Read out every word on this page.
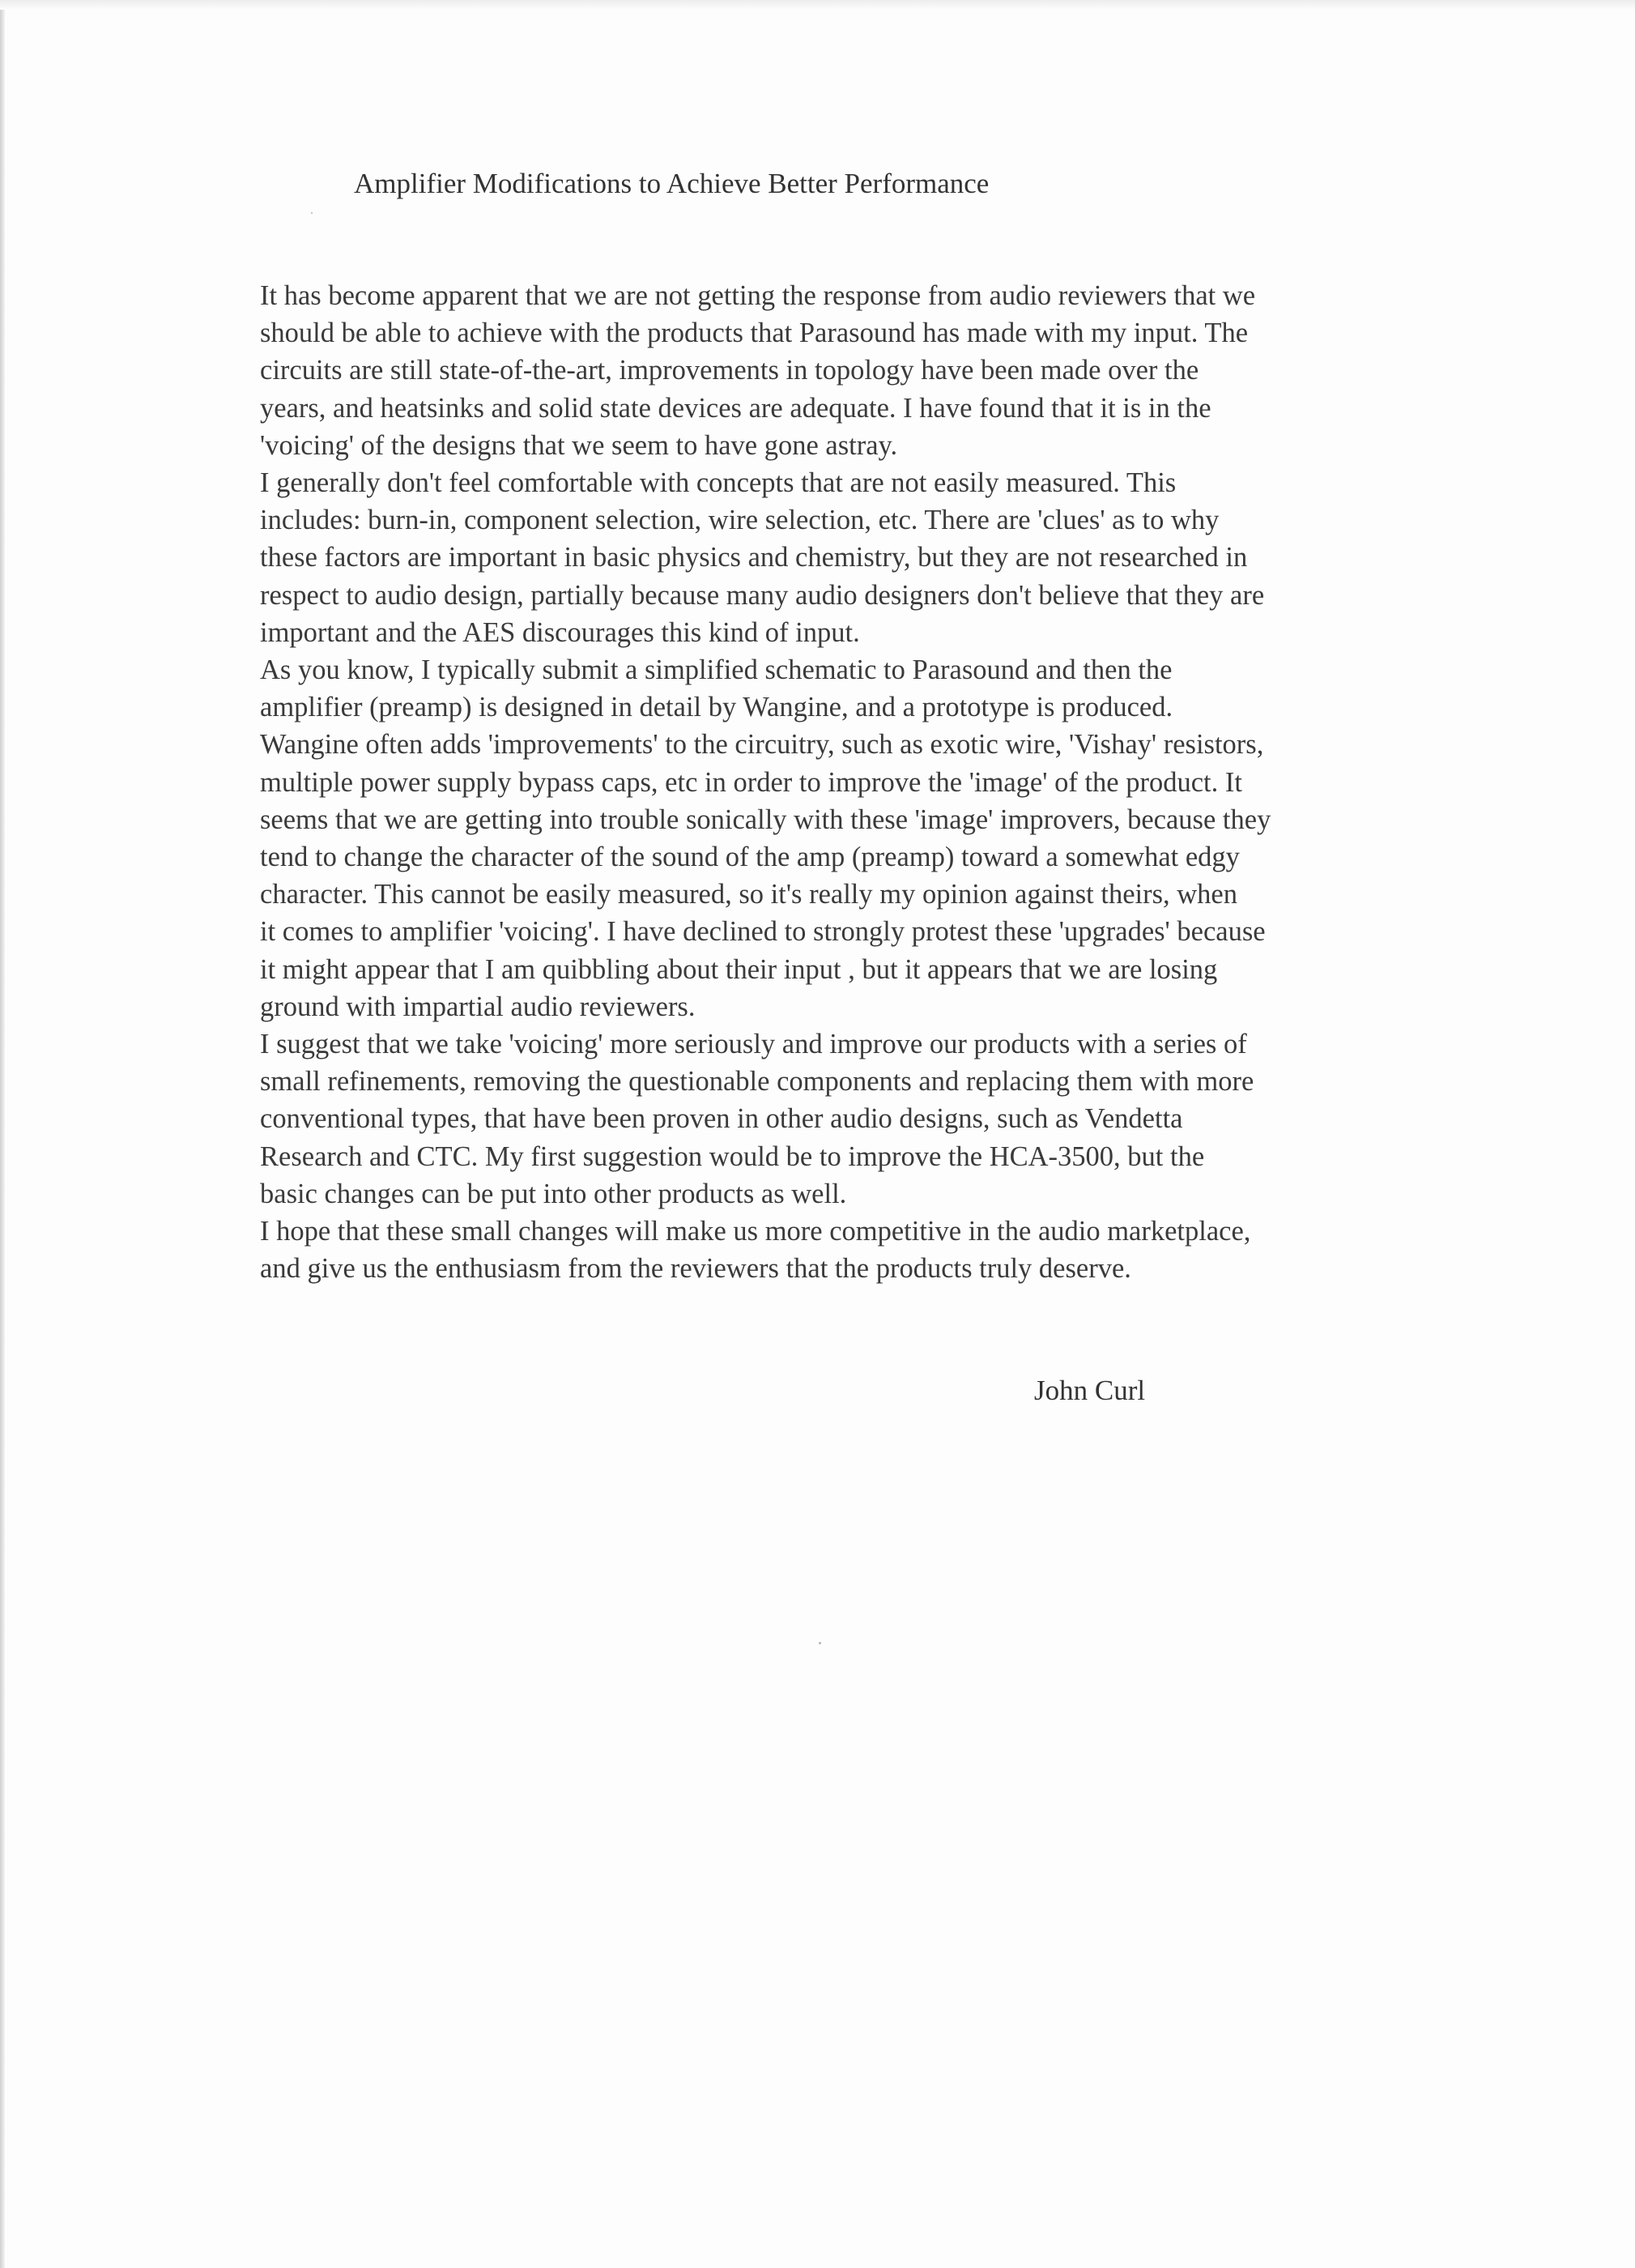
Amplifier Modifications to Achieve Better Performance
It has become apparent that we are not getting the response from audio reviewers that we
should be able to achieve with the products that Parasound has made with my input. The
circuits are still state-of-the-art, improvements in topology have been made over the
years, and heatsinks and solid state devices are adequate. I have found that it is in the
'voicing' of the designs that we seem to have gone astray.
I generally don't feel comfortable with concepts that are not easily measured. This
includes: burn-in, component selection, wire selection, etc. There are 'clues' as to why
these factors are important in basic physics and chemistry, but they are not researched in
respect to audio design, partially because many audio designers don't believe that they are
important and the AES discourages this kind of input.
As you know, I typically submit a simplified schematic to Parasound and then the
amplifier (preamp) is designed in detail by Wangine, and a prototype is produced.
Wangine often adds 'improvements' to the circuitry, such as exotic wire, 'Vishay' resistors,
multiple power supply bypass caps, etc in order to improve the 'image' of the product. It
seems that we are getting into trouble sonically with these 'image' improvers, because they
tend to change the character of the sound of the amp (preamp) toward a somewhat edgy
character. This cannot be easily measured, so it's really my opinion against theirs, when
it comes to amplifier 'voicing'. I have declined to strongly protest these 'upgrades' because
it might appear that I am quibbling about their input , but it appears that we are losing
ground with impartial audio reviewers.
I suggest that we take 'voicing' more seriously and improve our products with a series of
small refinements, removing the questionable components and replacing them with more
conventional types, that have been proven in other audio designs, such as Vendetta
Research and CTC. My first suggestion would be to improve the HCA-3500, but the
basic changes can be put into other products as well.
I hope that these small changes will make us more competitive in the audio marketplace,
and give us the enthusiasm from the reviewers that the products truly deserve.
John Curl
